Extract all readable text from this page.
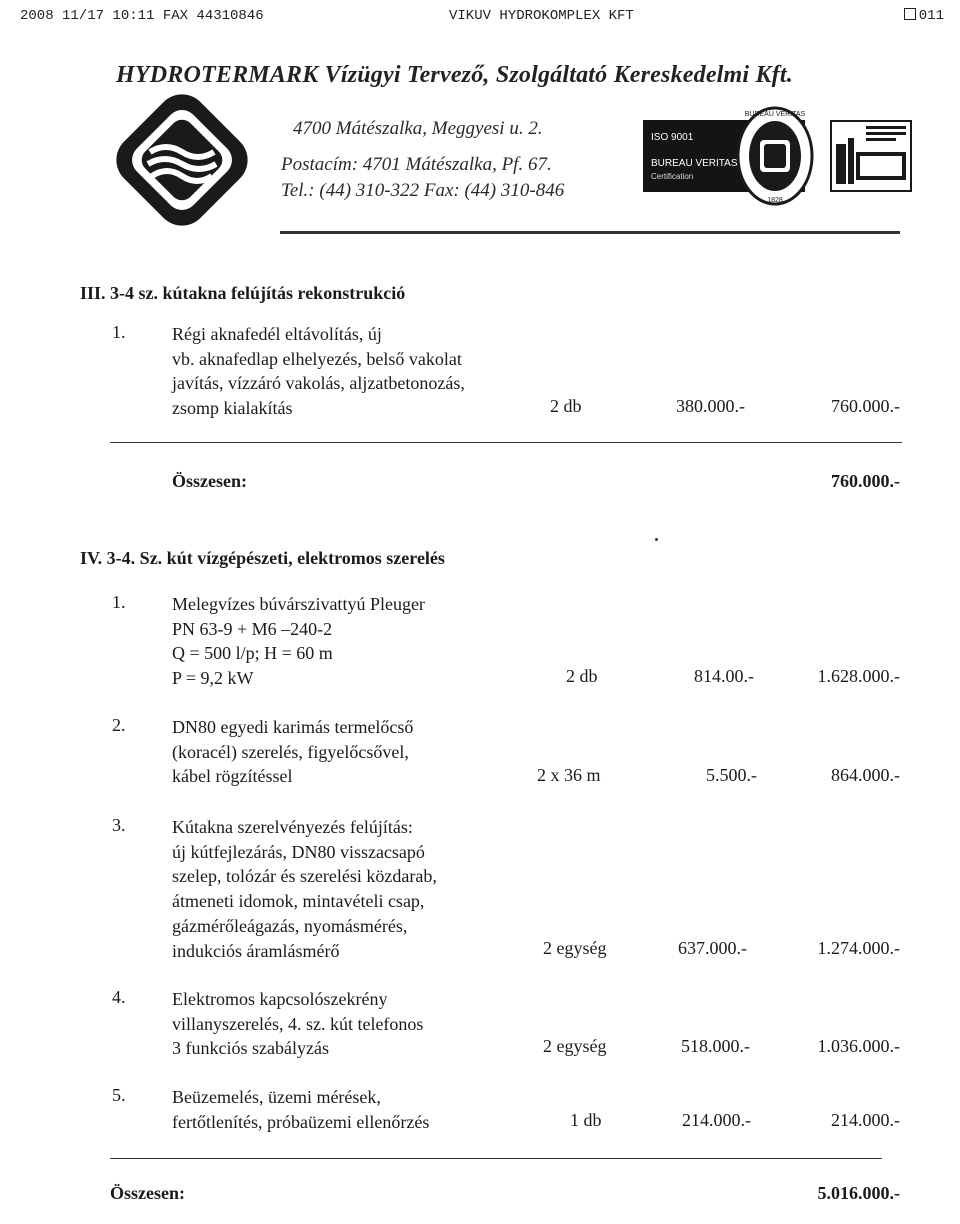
2008 11/17 10:11 FAX 44310846	VIKUV HYDROKOMPLEX KFT	011
HYDROTERMARK Vízügyi Tervező, Szolgáltató Kereskedelmi Kft.
4700 Mátészalka, Meggyesi u. 2.
Postacím: 4701 Mátészalka, Pf. 67.
Tel.: (44) 310-322 Fax: (44) 310-846
ISO 9001
BUREAU VERITAS
Certification
BUREAU VERITAS
1828
III. 3-4 sz. kútakna felújítás rekonstrukció
1.	Régi aknafedél eltávolítás, új
vb. aknafedlap elhelyezés, belső vakolat
javítás, vízzáró vakolás, aljzatbetonozás,
zsomp kialakítás	2 db	380.000.-	760.000.-
Összesen:	760.000.-
IV. 3-4. Sz. kút vízgépészeti, elektromos szerelés
1.	Melegvízes búvárszivattyú Pleuger
PN 63-9 + M6 –240-2
Q = 500 l/p; H = 60 m
P = 9,2 kW	2 db	814.00.-	1.628.000.-
2.	DN80 egyedi karimás termelőcső
(koracél) szerelés, figyelőcsővel,
kábel rögzítéssel	2 x 36 m	5.500.-	864.000.-
3.	Kútakna szerelvényezés felújítás:
új kútfejlezárás, DN80 visszacsapó
szelep, tolózár és szerelési közdarab,
átmeneti idomok, mintavételi csap,
gázmérőleágazás, nyomásmérés,
indukciós áramlásmérő	2 egység	637.000.-	1.274.000.-
4.	Elektromos kapcsolószekrény
villanyszerelés, 4. sz. kút telefonos
3 funkciós szabályzás	2 egység	518.000.-	1.036.000.-
5.	Beüzemelés, üzemi mérések,
fertőtlenítés, próbaüzemi ellenőrzés	1 db	214.000.-	214.000.-
Összesen:	5.016.000.-
